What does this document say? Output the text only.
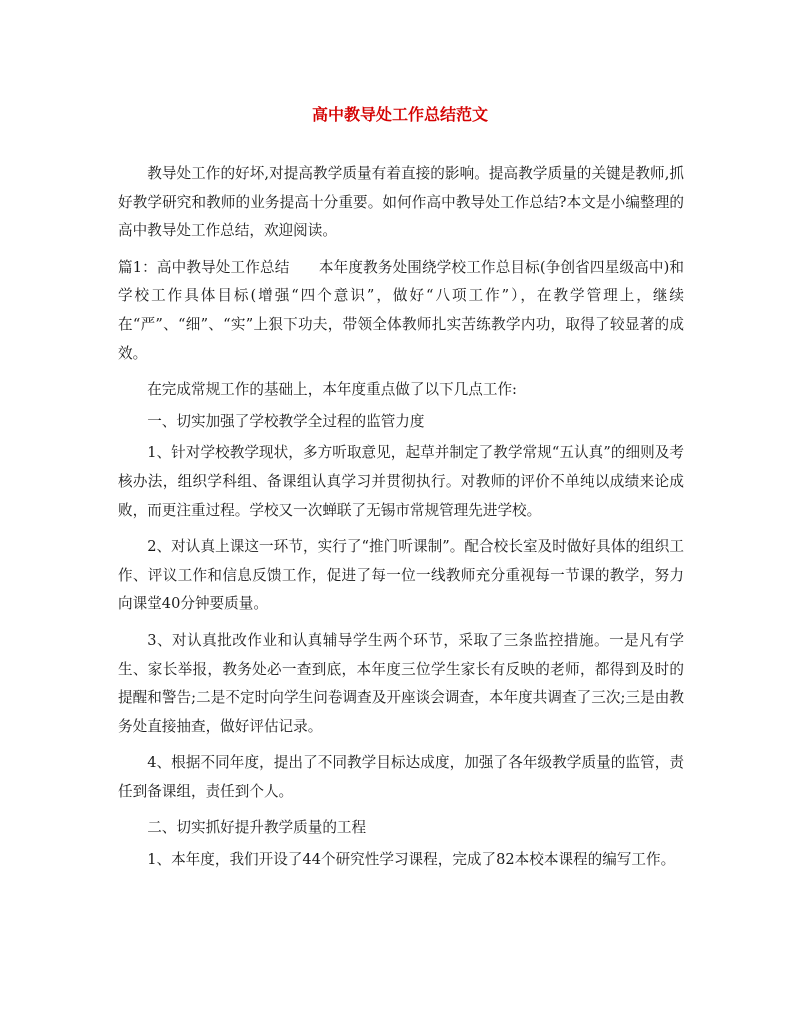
高中教导处工作总结范文

教导处工作的好坏,对提高教学质量有着直接的影响。提高教学质量的关键是教师,抓好教学研究和教师的业务提高十分重要。如何作高中教导处工作总结?本文是小编整理的高中教导处工作总结，欢迎阅读。

篇1：高中教导处工作总结　　本年度教务处围绕学校工作总目标(争创省四星级高中)和学校工作具体目标(增强“四个意识”，做好“八项工作”），在教学管理上，继续在“严”、“细”、“实”上狠下功夫，带领全体教师扎实苦练教学内功，取得了较显著的成效。

在完成常规工作的基础上，本年度重点做了以下几点工作:

一、切实加强了学校教学全过程的监管力度

1、针对学校教学现状，多方听取意见，起草并制定了教学常规“五认真”的细则及考核办法，组织学科组、备课组认真学习并贯彻执行。对教师的评价不单纯以成绩来论成败，而更注重过程。学校又一次蝉联了无锡市常规管理先进学校。

2、对认真上课这一环节，实行了“推门听课制”。配合校长室及时做好具体的组织工作、评议工作和信息反馈工作，促进了每一位一线教师充分重视每一节课的教学，努力向课堂40分钟要质量。

3、对认真批改作业和认真辅导学生两个环节，采取了三条监控措施。一是凡有学生、家长举报，教务处必一查到底，本年度三位学生家长有反映的老师，都得到及时的提醒和警告;二是不定时向学生问卷调查及开座谈会调查，本年度共调查了三次;三是由教务处直接抽查，做好评估记录。

4、根据不同年度，提出了不同教学目标达成度，加强了各年级教学质量的监管，责任到备课组，责任到个人。

二、切实抓好提升教学质量的工程

1、本年度，我们开设了44个研究性学习课程，完成了82本校本课程的编写工作。
